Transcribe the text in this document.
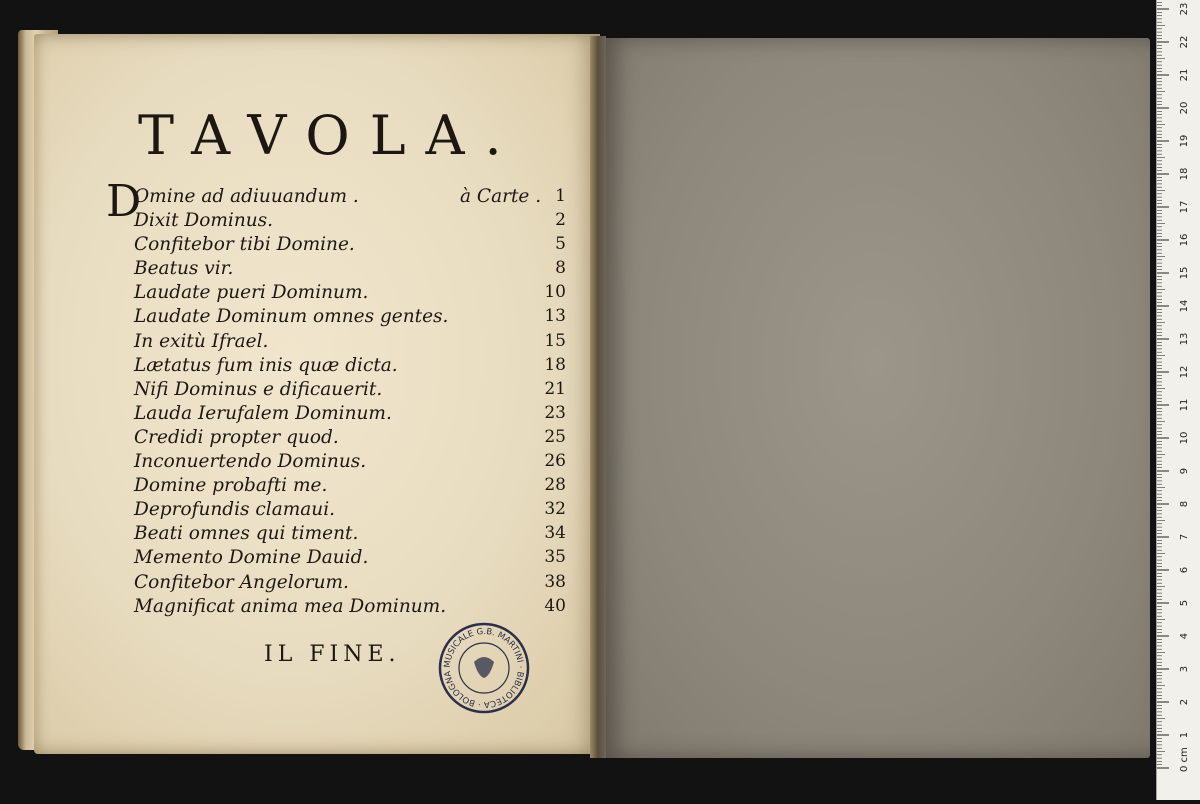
TAVOLA.
D
Omine ad adiuuandum .	à Carte . 1
Dixit Dominus.	2
Confitebor tibi Domine.	5
Beatus vir.	8
Laudate pueri Dominum.	10
Laudate Dominum omnes gentes.	13
In exitù Ifrael.	15
Lætatus fum inis quæ dicta.	18
Nifi Dominus e dificauerit.	21
Lauda Ierufalem Dominum.	23
Credidi propter quod.	25
Inconuertendo Dominus.	26
Domine probafti me.	28
Deprofundis clamaui.	32
Beati omnes qui timent.	34
Memento Domine Dauid.	35
Confitebor Angelorum.	38
Magnificat anima mea Dominum.	40
IL FINE.	MUSICALE G.B. MARTINI · BIBLIOTECA · BOLOGNA
0 cm
1
2
3
4
5
6
7
8
9
10
11
12
13
14
15
16
17
18
19
20
21
22
23
